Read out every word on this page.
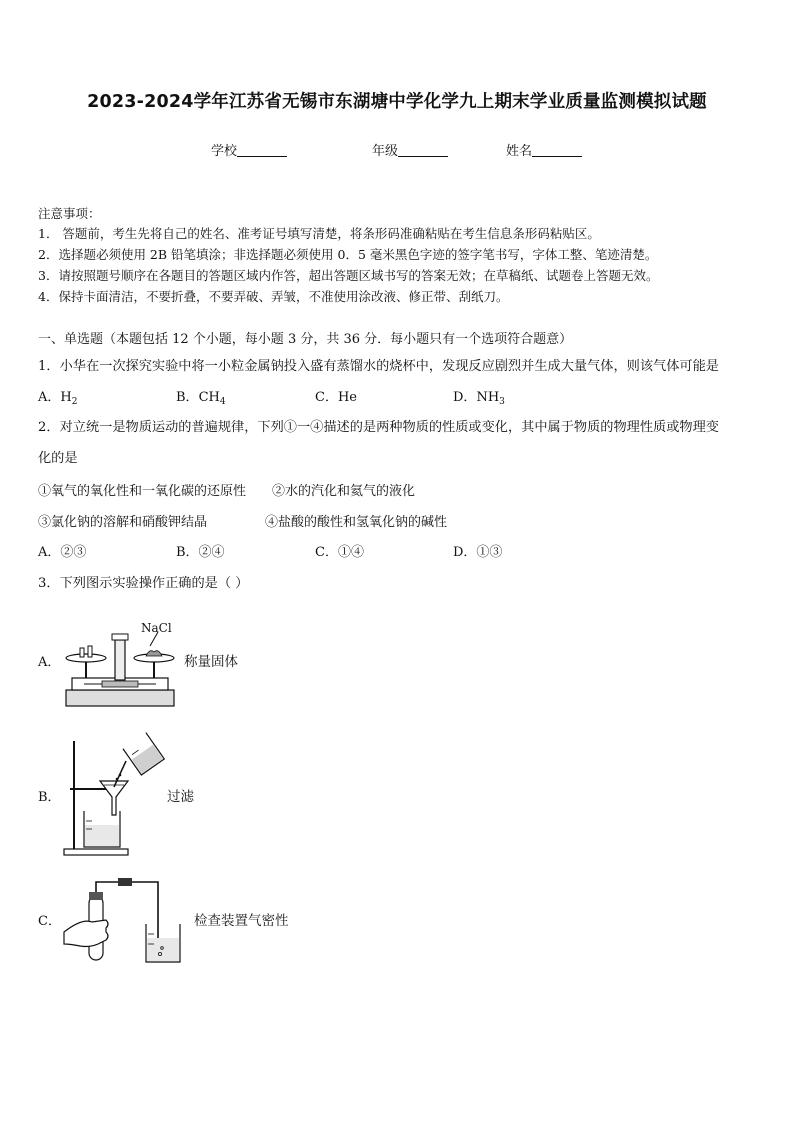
2023-2024学年江苏省无锡市东湖塘中学化学九上期末学业质量监测模拟试题
学校	年级	姓名
注意事项：
1． 答题前，考生先将自己的姓名、准考证号填写清楚，将条形码准确粘贴在考生信息条形码粘贴区。
2．选择题必须使用 2B 铅笔填涂；非选择题必须使用 0．5 毫米黑色字迹的签字笔书写，字体工整、笔迹清楚。
3．请按照题号顺序在各题目的答题区域内作答，超出答题区域书写的答案无效；在草稿纸、试题卷上答题无效。
4．保持卡面清洁，不要折叠，不要弄破、弄皱，不准使用涂改液、修正带、刮纸刀。
一、单选题（本题包括 12 个小题，每小题 3 分，共 36 分．每小题只有一个选项符合题意）
1．小华在一次探究实验中将一小粒金属钠投入盛有蒸馏水的烧杯中，发现反应剧烈并生成大量气体，则该气体可能是
A．$H_2$	B．$CH_4$	C．He	D．$NH_3$
2．对立统一是物质运动的普遍规律，下列①一④描述的是两种物质的性质或变化，其中属于物质的物理性质或物理变
化的是
①氧气的氧化性和一氧化碳的还原性 ②水的汽化和氦气的液化
③氯化钠的溶解和硝酸钾结晶	④盐酸的酸性和氢氧化钠的碱性
A．②③	B．②④	C．①④	D．①③
3．下列图示实验操作正确的是（ ）
A．
NaCl
称量固体
B．	过滤
C．	检查装置气密性
